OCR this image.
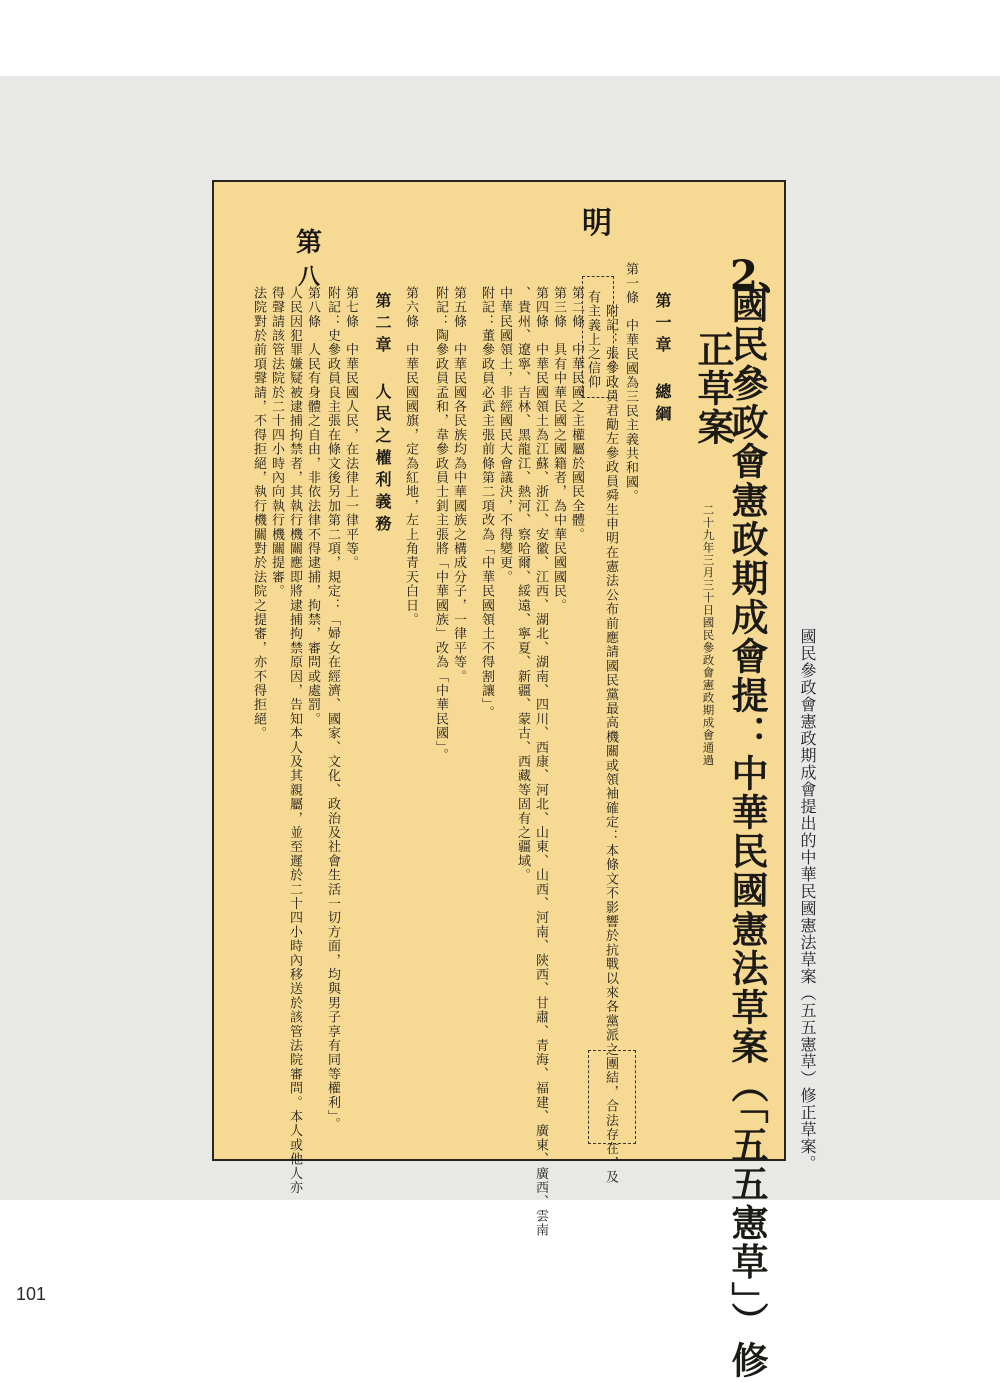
2、

國民參政會憲政期成會提：中華民國憲法草案（「五五憲草」）修

正草案

二十九年三月三十日國民參政會憲政期成會通過

第一章 總綱

第一條　中華民國為三民主義共和國。

附記：張參政員君勱左參政員舜生申明在憲法公布前應請國民黨最高機關或領袖確定：本條文不影響於抗戰以來各黨派之團結，合法存在，及

有主義上之信仰

第二條　中華民國之主權屬於國民全體。

第三條　具有中華民國之國籍者，為中華民國國民。

第四條　中華民國領土為江蘇、浙江、安徽、江西、湖北、湖南、四川、西康、河北、山東、山西、河南、陝西、甘肅、青海、福建、廣東、廣西、雲南

、貴州、遼寧、吉林、黑龍江、熱河、察哈爾、綏遠、寧夏、新疆、蒙古、西藏等固有之疆域。

中華民國領土，非經國民大會議決，不得變更。

附記：董參政員必武主張前條第二項改為「中華民國領土不得割讓」。

第五條　中華民國各民族均為中華國族之構成分子，一律平等。

附記：陶參政員孟和，韋參政員士釗主張將「中華國族」改為「中華民國」。

第六條　中華民國國旗，定為紅地，左上角青天白日。

第二章 人民之權利義務

第七條　中華民國人民，在法律上一律平等。

附記：史參政員良主張在條文後另加第二項，規定：「婦女在經濟、國家、文化、政治及社會生活一切方面，均與男子享有同等權利」。

第八條　人民有身體之自由，非依法律不得逮捕，拘禁，審問或處罰。

人民因犯罪嫌疑被逮捕拘禁者，其執行機關應即將逮捕拘禁原因，告知本人及其親屬，並至遲於二十四小時內移送於該管法院審問。本人或他人亦

得聲請該管法院於二十四小時內向執行機關提審。

法院對於前項聲請，不得拒絕，執行機關對於法院之提審，亦不得拒絕。

明
第
八
國民參政會憲政期成會提出的中華民國憲法草案（五五憲草）修正草案。
101
